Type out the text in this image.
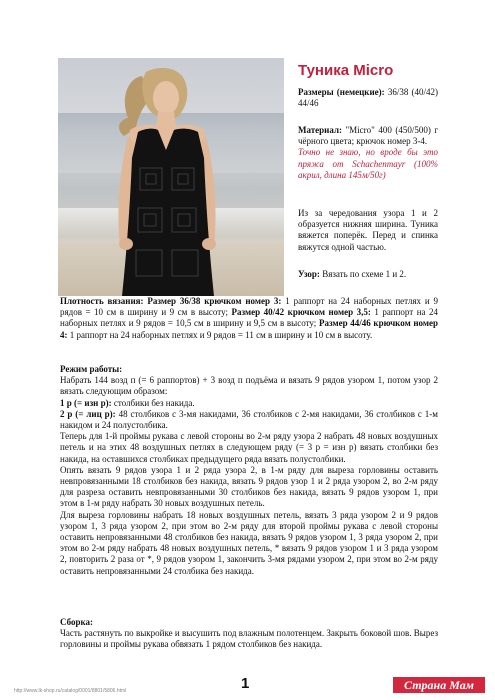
Туника Micro
Размеры (немецкие): 36/38 (40/42) 44/46
Материал: "Micro" 400 (450/500) г чёрного цвета; крючок номер 3-4.
Точно не знаю, но вроде бы это пряжа от Schachenmayr (100% акрил, длина 145м/50г)
Из за чередования узора 1 и 2 образуется нижняя ширина. Туника вяжется поперёк. Перед и спинка вяжутся одной частью.
Узор: Вязать по схеме 1 и 2.

Плотность вязания: Размер 36/38 крючком номер 3: 1 раппорт на 24 наборных петлях и 9 рядов = 10 см в ширину и 9 см в высоту; Размер 40/42 крючком номер 3,5: 1 раппорт на 24 наборных петлях и 9 рядов = 10,5 см в ширину и 9,5 см в высоту; Размер 44/46 крючком номер 4: 1 раппорт на 24 наборных петлях и 9 рядов = 11 см в ширину и 10 см в высоту.

Режим работы:

Набрать 144 возд п (= 6 раппортов) + 3 возд п подъёма и вязать 9 рядов узором 1, потом узор 2 вязать следующим образом:

1 р (= изн р): столбики без накида.

2 р (= лиц р): 48 столбиков с 3-мя накидами, 36 столбиков с 2-мя накидами, 36 столбиков с 1-м накидом и 24 полустолбика.

Теперь для 1-й проймы рукава с левой стороны во 2-м ряду узора 2 набрать 48 новых воздушных петель и на этих 48 воздушных петлях в следующем ряду (= 3 р = изн р) вязать столбики без накида, на оставшихся столбиках предыдущего ряда вязать полустолбики.

Опять вязать 9 рядов узора 1 и 2 ряда узора 2, в 1-м ряду для выреза горловины оставить невпровязанными 18 столбиков без накида, вязать 9 рядов узор 1 и 2 ряда узором 2, во 2-м ряду для разреза оставить невпровязанными 30 столбиков без накида, вязать 9 рядов узором 1, при этом в 1-м ряду набрать 30 новых воздушных петель.

Для выреза горловины набрать 18 новых воздушных петель, вязать 3 ряда узором 2 и 9 рядов узором 1, 3 ряда узором 2, при этом во 2-м ряду для второй проймы рукава с левой стороны оставить непровязанными 48 столбиков без накида, вязать 9 рядов узором 1, 3 ряда узором 2, при этом во 2-м ряду набрать 48 новых воздушных петель, * вязать 9 рядов узором 1 и 3 ряда узором 2, повторить 2 раза от *, 9 рядов узором 1, закончить 3-мя рядами узором 2, при этом во 2-м ряду оставить непровязанными 24 столбика без накида.

Сборка:

Часть растянуть по выкройке и высушить под влажным полотенцем. Закрыть боковой шов. Вырез горловины и проймы рукава обвязать 1 рядом столбиков без накида.

1
http://www.lk-shop.ru/catalog/0001/8801/5806.html	Страна Мам
